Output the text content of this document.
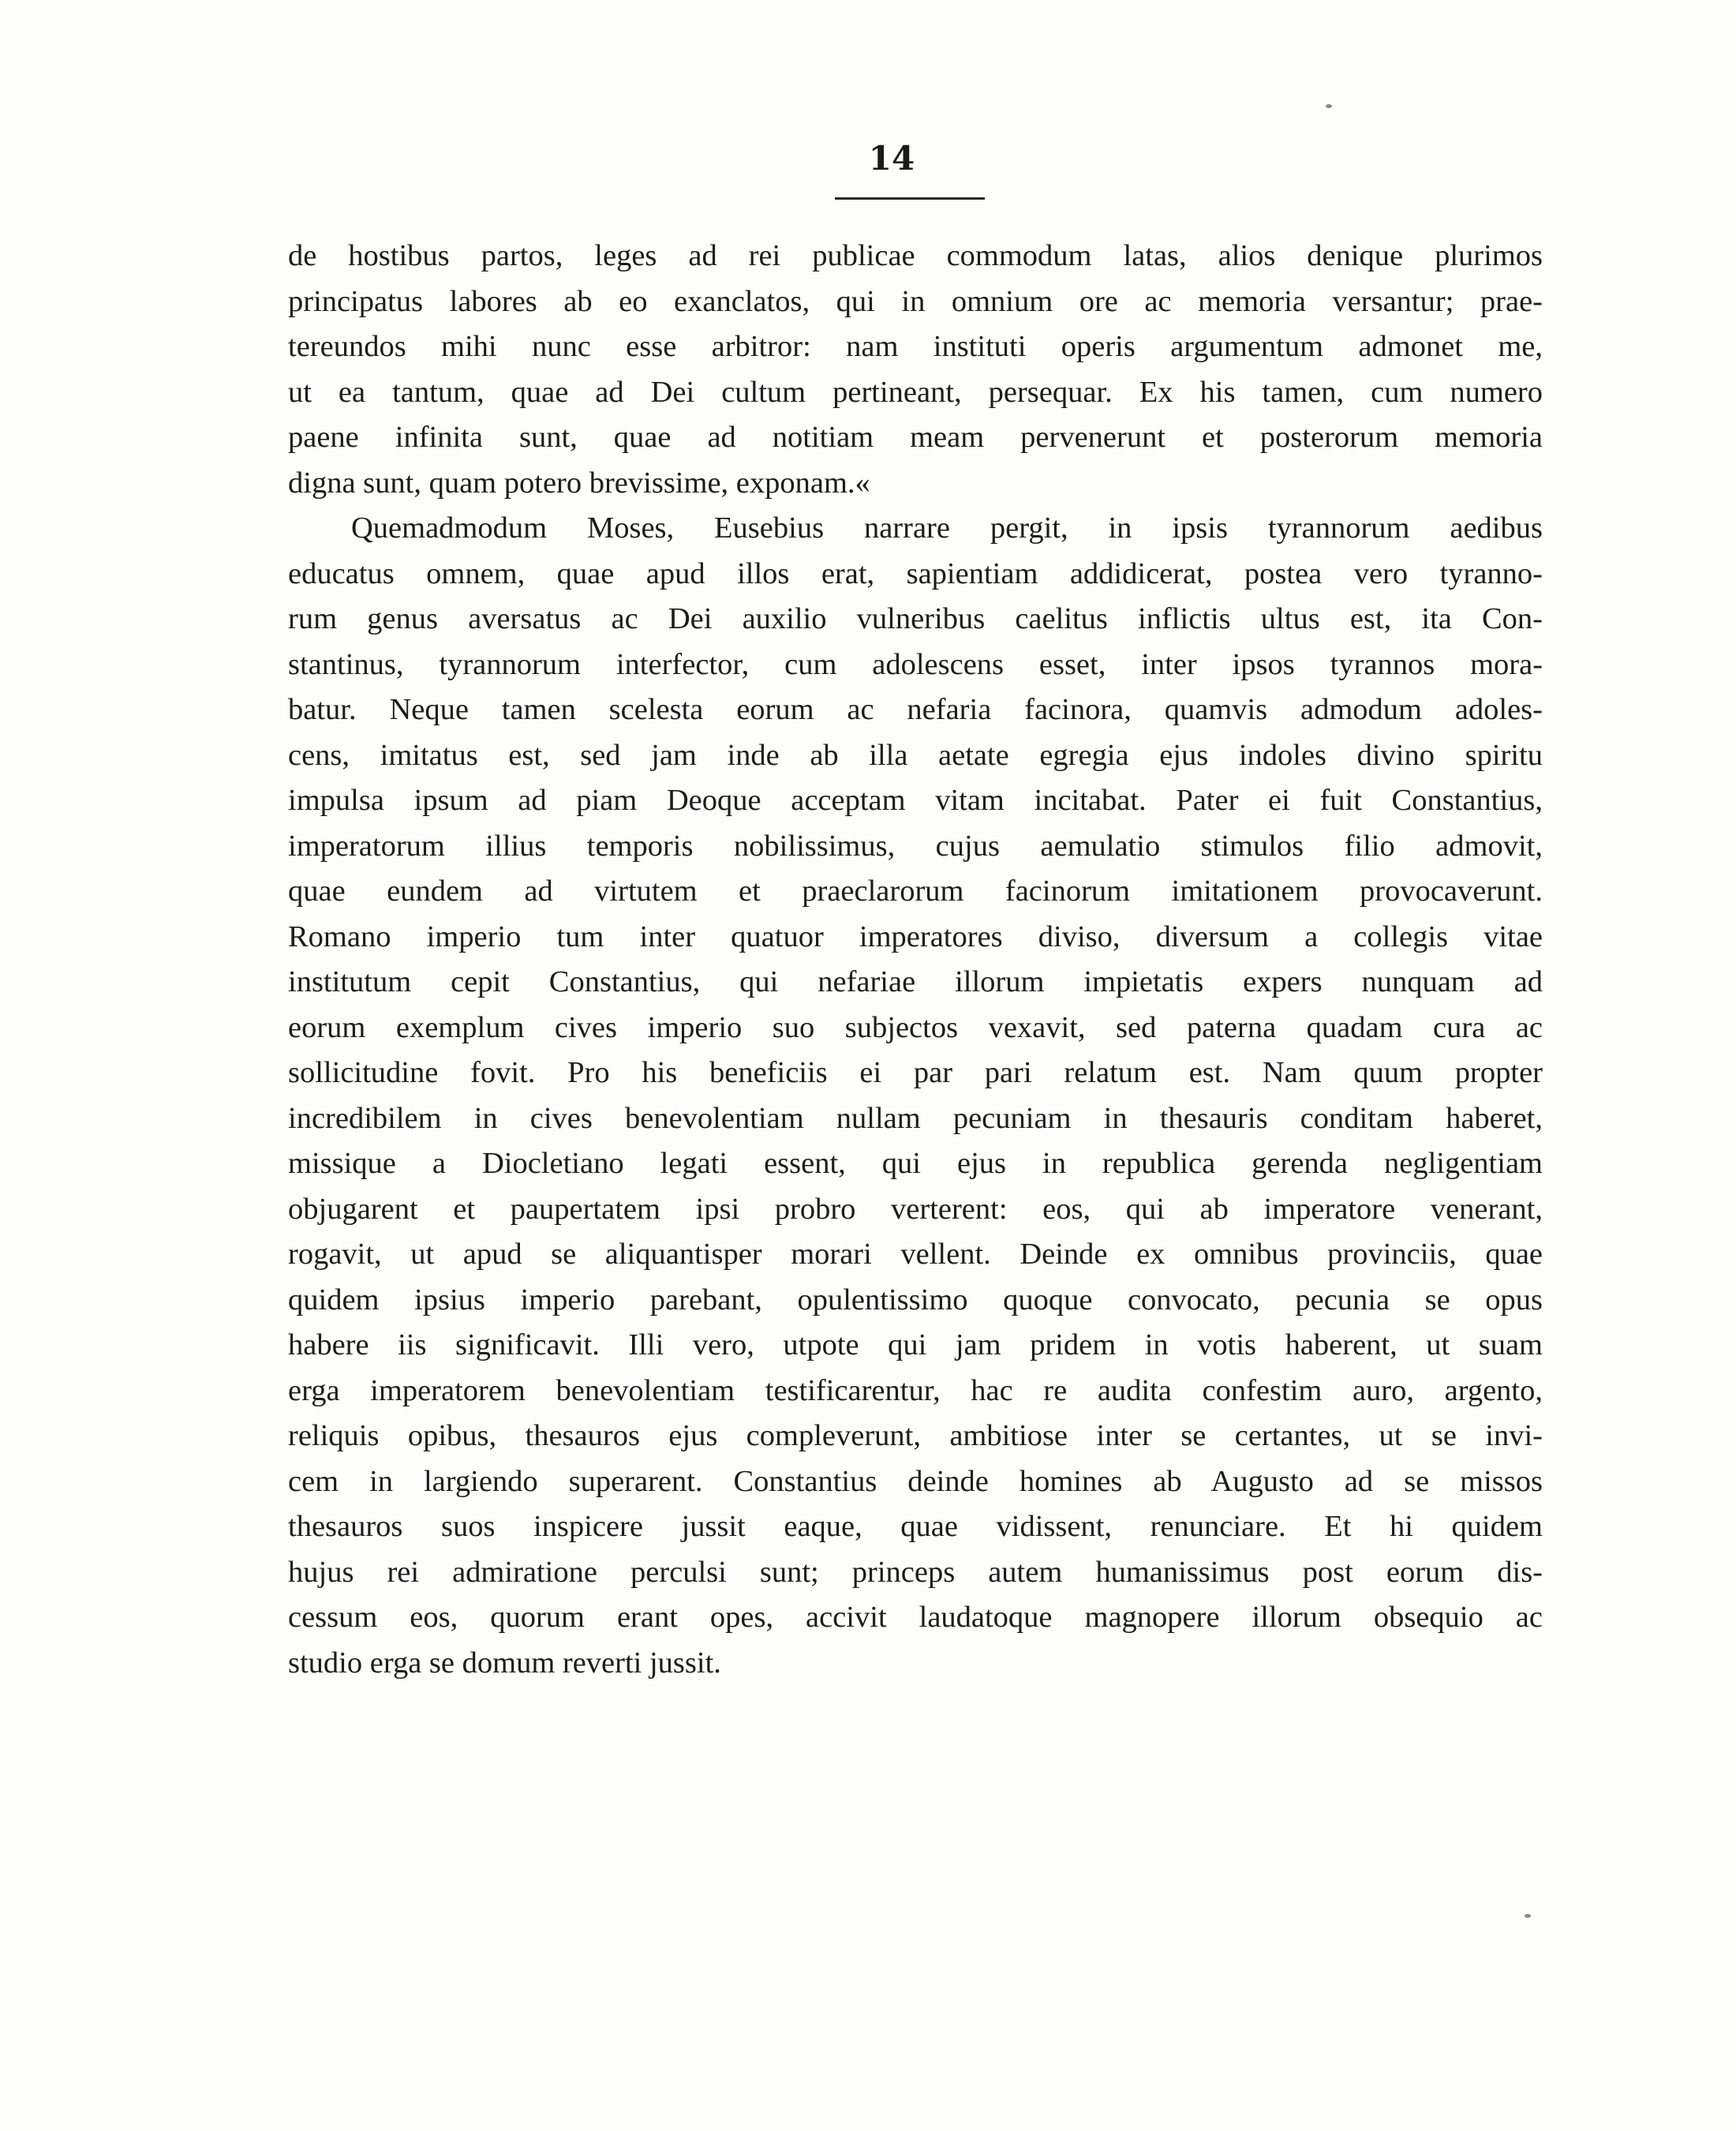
14
de hostibus partos, leges ad rei publicae commodum latas, alios denique plurimos
principatus labores ab eo exanclatos, qui in omnium ore ac memoria versantur; prae-
tereundos mihi nunc esse arbitror: nam instituti operis argumentum admonet me,
ut ea tantum, quae ad Dei cultum pertineant, persequar. Ex his tamen, cum numero
paene infinita sunt, quae ad notitiam meam pervenerunt et posterorum memoria
digna sunt, quam potero brevissime, exponam.«
Quemadmodum Moses, Eusebius narrare pergit, in ipsis tyrannorum aedibus
educatus omnem, quae apud illos erat, sapientiam addidicerat, postea vero tyranno-
rum genus aversatus ac Dei auxilio vulneribus caelitus inflictis ultus est, ita Con-
stantinus, tyrannorum interfector, cum adolescens esset, inter ipsos tyrannos mora-
batur. Neque tamen scelesta eorum ac nefaria facinora, quamvis admodum adoles-
cens, imitatus est, sed jam inde ab illa aetate egregia ejus indoles divino spiritu
impulsa ipsum ad piam Deoque acceptam vitam incitabat. Pater ei fuit Constantius,
imperatorum illius temporis nobilissimus, cujus aemulatio stimulos filio admovit,
quae eundem ad virtutem et praeclarorum facinorum imitationem provocaverunt.
Romano imperio tum inter quatuor imperatores diviso, diversum a collegis vitae
institutum cepit Constantius, qui nefariae illorum impietatis expers nunquam ad
eorum exemplum cives imperio suo subjectos vexavit, sed paterna quadam cura ac
sollicitudine fovit. Pro his beneficiis ei par pari relatum est. Nam quum propter
incredibilem in cives benevolentiam nullam pecuniam in thesauris conditam haberet,
missique a Diocletiano legati essent, qui ejus in republica gerenda negligentiam
objugarent et paupertatem ipsi probro verterent: eos, qui ab imperatore venerant,
rogavit, ut apud se aliquantisper morari vellent. Deinde ex omnibus provinciis, quae
quidem ipsius imperio parebant, opulentissimo quoque convocato, pecunia se opus
habere iis significavit. Illi vero, utpote qui jam pridem in votis haberent, ut suam
erga imperatorem benevolentiam testificarentur, hac re audita confestim auro, argento,
reliquis opibus, thesauros ejus compleverunt, ambitiose inter se certantes, ut se invi-
cem in largiendo superarent. Constantius deinde homines ab Augusto ad se missos
thesauros suos inspicere jussit eaque, quae vidissent, renunciare. Et hi quidem
hujus rei admiratione perculsi sunt; princeps autem humanissimus post eorum dis-
cessum eos, quorum erant opes, accivit laudatoque magnopere illorum obsequio ac
studio erga se domum reverti jussit.
